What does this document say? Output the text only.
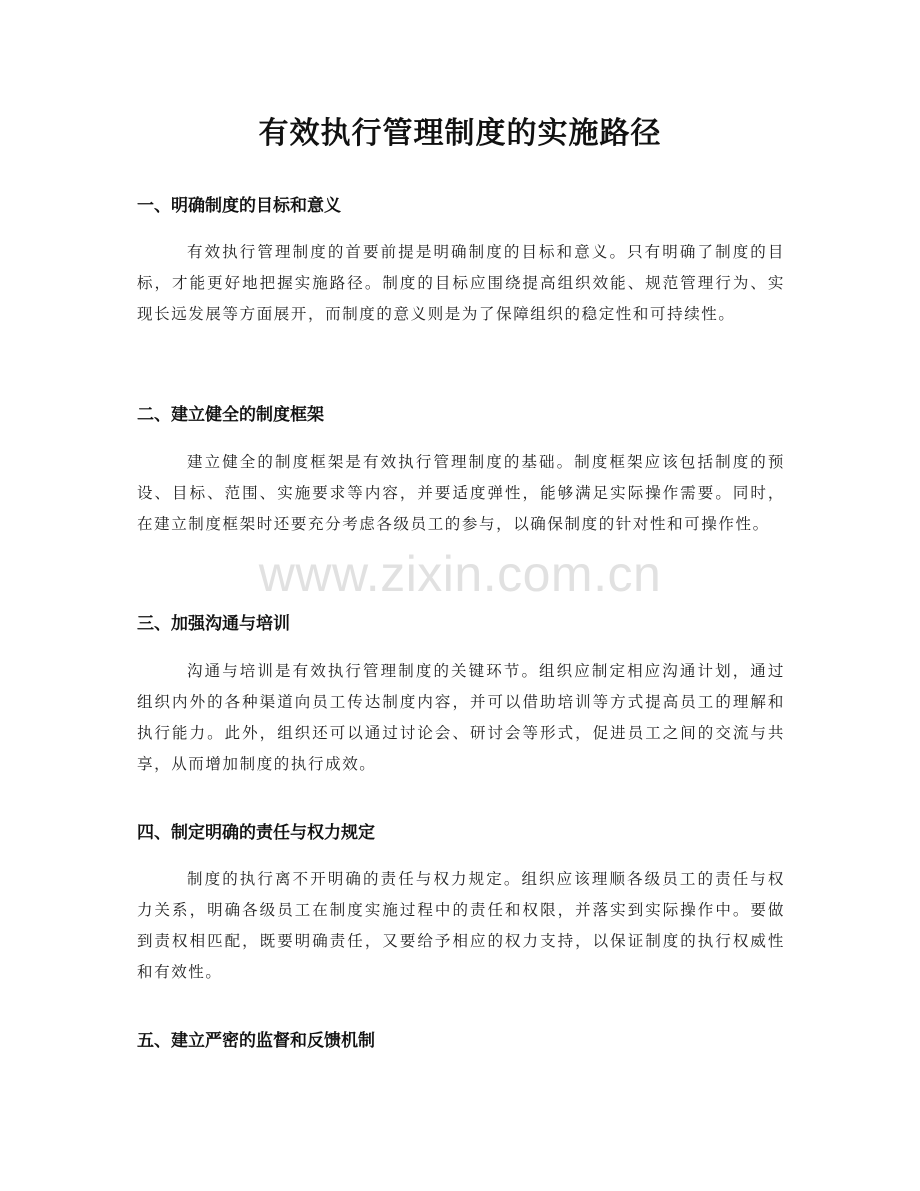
有效执行管理制度的实施路径
一、明确制度的目标和意义

有效执行管理制度的首要前提是明确制度的目标和意义。只有明确了制度的目标，才能更好地把握实施路径。制度的目标应围绕提高组织效能、规范管理行为、实现长远发展等方面展开，而制度的意义则是为了保障组织的稳定性和可持续性。

二、建立健全的制度框架

建立健全的制度框架是有效执行管理制度的基础。制度框架应该包括制度的预设、目标、范围、实施要求等内容，并要适度弹性，能够满足实际操作需要。同时，在建立制度框架时还要充分考虑各级员工的参与，以确保制度的针对性和可操作性。

三、加强沟通与培训

沟通与培训是有效执行管理制度的关键环节。组织应制定相应沟通计划，通过组织内外的各种渠道向员工传达制度内容，并可以借助培训等方式提高员工的理解和执行能力。此外，组织还可以通过讨论会、研讨会等形式，促进员工之间的交流与共享，从而增加制度的执行成效。

四、制定明确的责任与权力规定

制度的执行离不开明确的责任与权力规定。组织应该理顺各级员工的责任与权力关系，明确各级员工在制度实施过程中的责任和权限，并落实到实际操作中。要做到责权相匹配，既要明确责任，又要给予相应的权力支持，以保证制度的执行权威性和有效性。

五、建立严密的监督和反馈机制
www.zixin.com.cn
